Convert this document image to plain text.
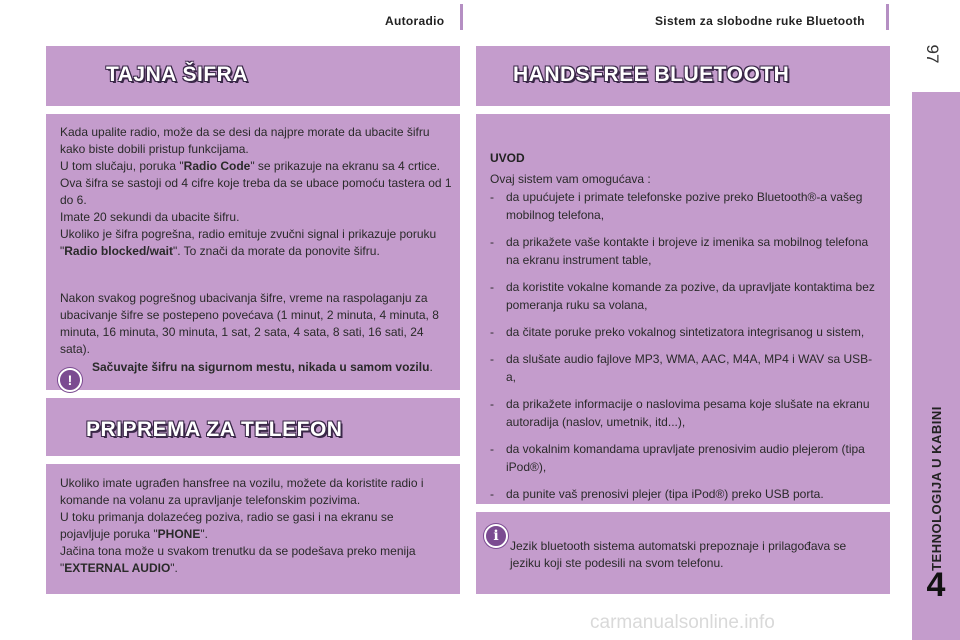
Autoradio	Sistem za slobodne ruke Bluetooth
97
TEHNOLOGIJA U KABINI
4
TAJNA ŠIFRA
Kada upalite radio, može da se desi da najpre morate da ubacite šifru kako biste dobili pristup funkcijama.
U tom slučaju, poruka "Radio Code" se prikazuje na ekranu sa 4 crtice.
Ova šifra se sastoji od 4 cifre koje treba da se ubace pomoću tastera od 1 do 6.
Imate 20 sekundi da ubacite šifru.
Ukoliko je šifra pogrešna, radio emituje zvučni signal i prikazuje poruku "Radio blocked/wait". To znači da morate da ponovite šifru.
Nakon svakog pogrešnog ubacivanja šifre, vreme na raspolaganju za ubacivanje šifre se postepeno povećava (1 minut, 2 minuta, 4 minuta, 8 minuta, 16 minuta, 30 minuta, 1 sat, 2 sata, 4 sata, 8 sati, 16 sati, 24 sata).
!
Sačuvajte šifru na sigurnom mestu, nikada u samom vozilu.
PRIPREMA ZA TELEFON
Ukoliko imate ugrađen hansfree na vozilu, možete da koristite radio i komande na volanu za upravljanje telefonskim pozivima.
U toku primanja dolazećeg poziva, radio se gasi i na ekranu se pojavljuje poruka "PHONE".
Jačina tona može u svakom trenutku da se podešava preko menija "EXTERNAL AUDIO".
HANDSFREE BLUETOOTH
UVOD
Ovaj sistem vam omogućava :
- da upućujete i primate telefonske pozive preko Bluetooth®-a vašeg mobilnog telefona,
- da prikažete vaše kontakte i brojeve iz imenika sa mobilnog telefona na ekranu instrument table,
- da koristite vokalne komande za pozive, da upravljate kontaktima bez pomeranja ruku sa volana,
- da čitate poruke preko vokalnog sintetizatora integrisanog u sistem,
- da slušate audio fajlove MP3, WMA, AAC, M4A, MP4 i WAV sa USB-a,
- da prikažete informacije o naslovima pesama koje slušate na ekranu autoradija (naslov, umetnik, itd...),
- da vokalnim komandama upravljate prenosivim audio plejerom (tipa iPod®),
- da punite vaš prenosivi plejer (tipa iPod®) preko USB porta.
i
Jezik bluetooth sistema automatski prepoznaje i prilagođava se jeziku koji ste podesili na svom telefonu.
carmanualsonline.info
